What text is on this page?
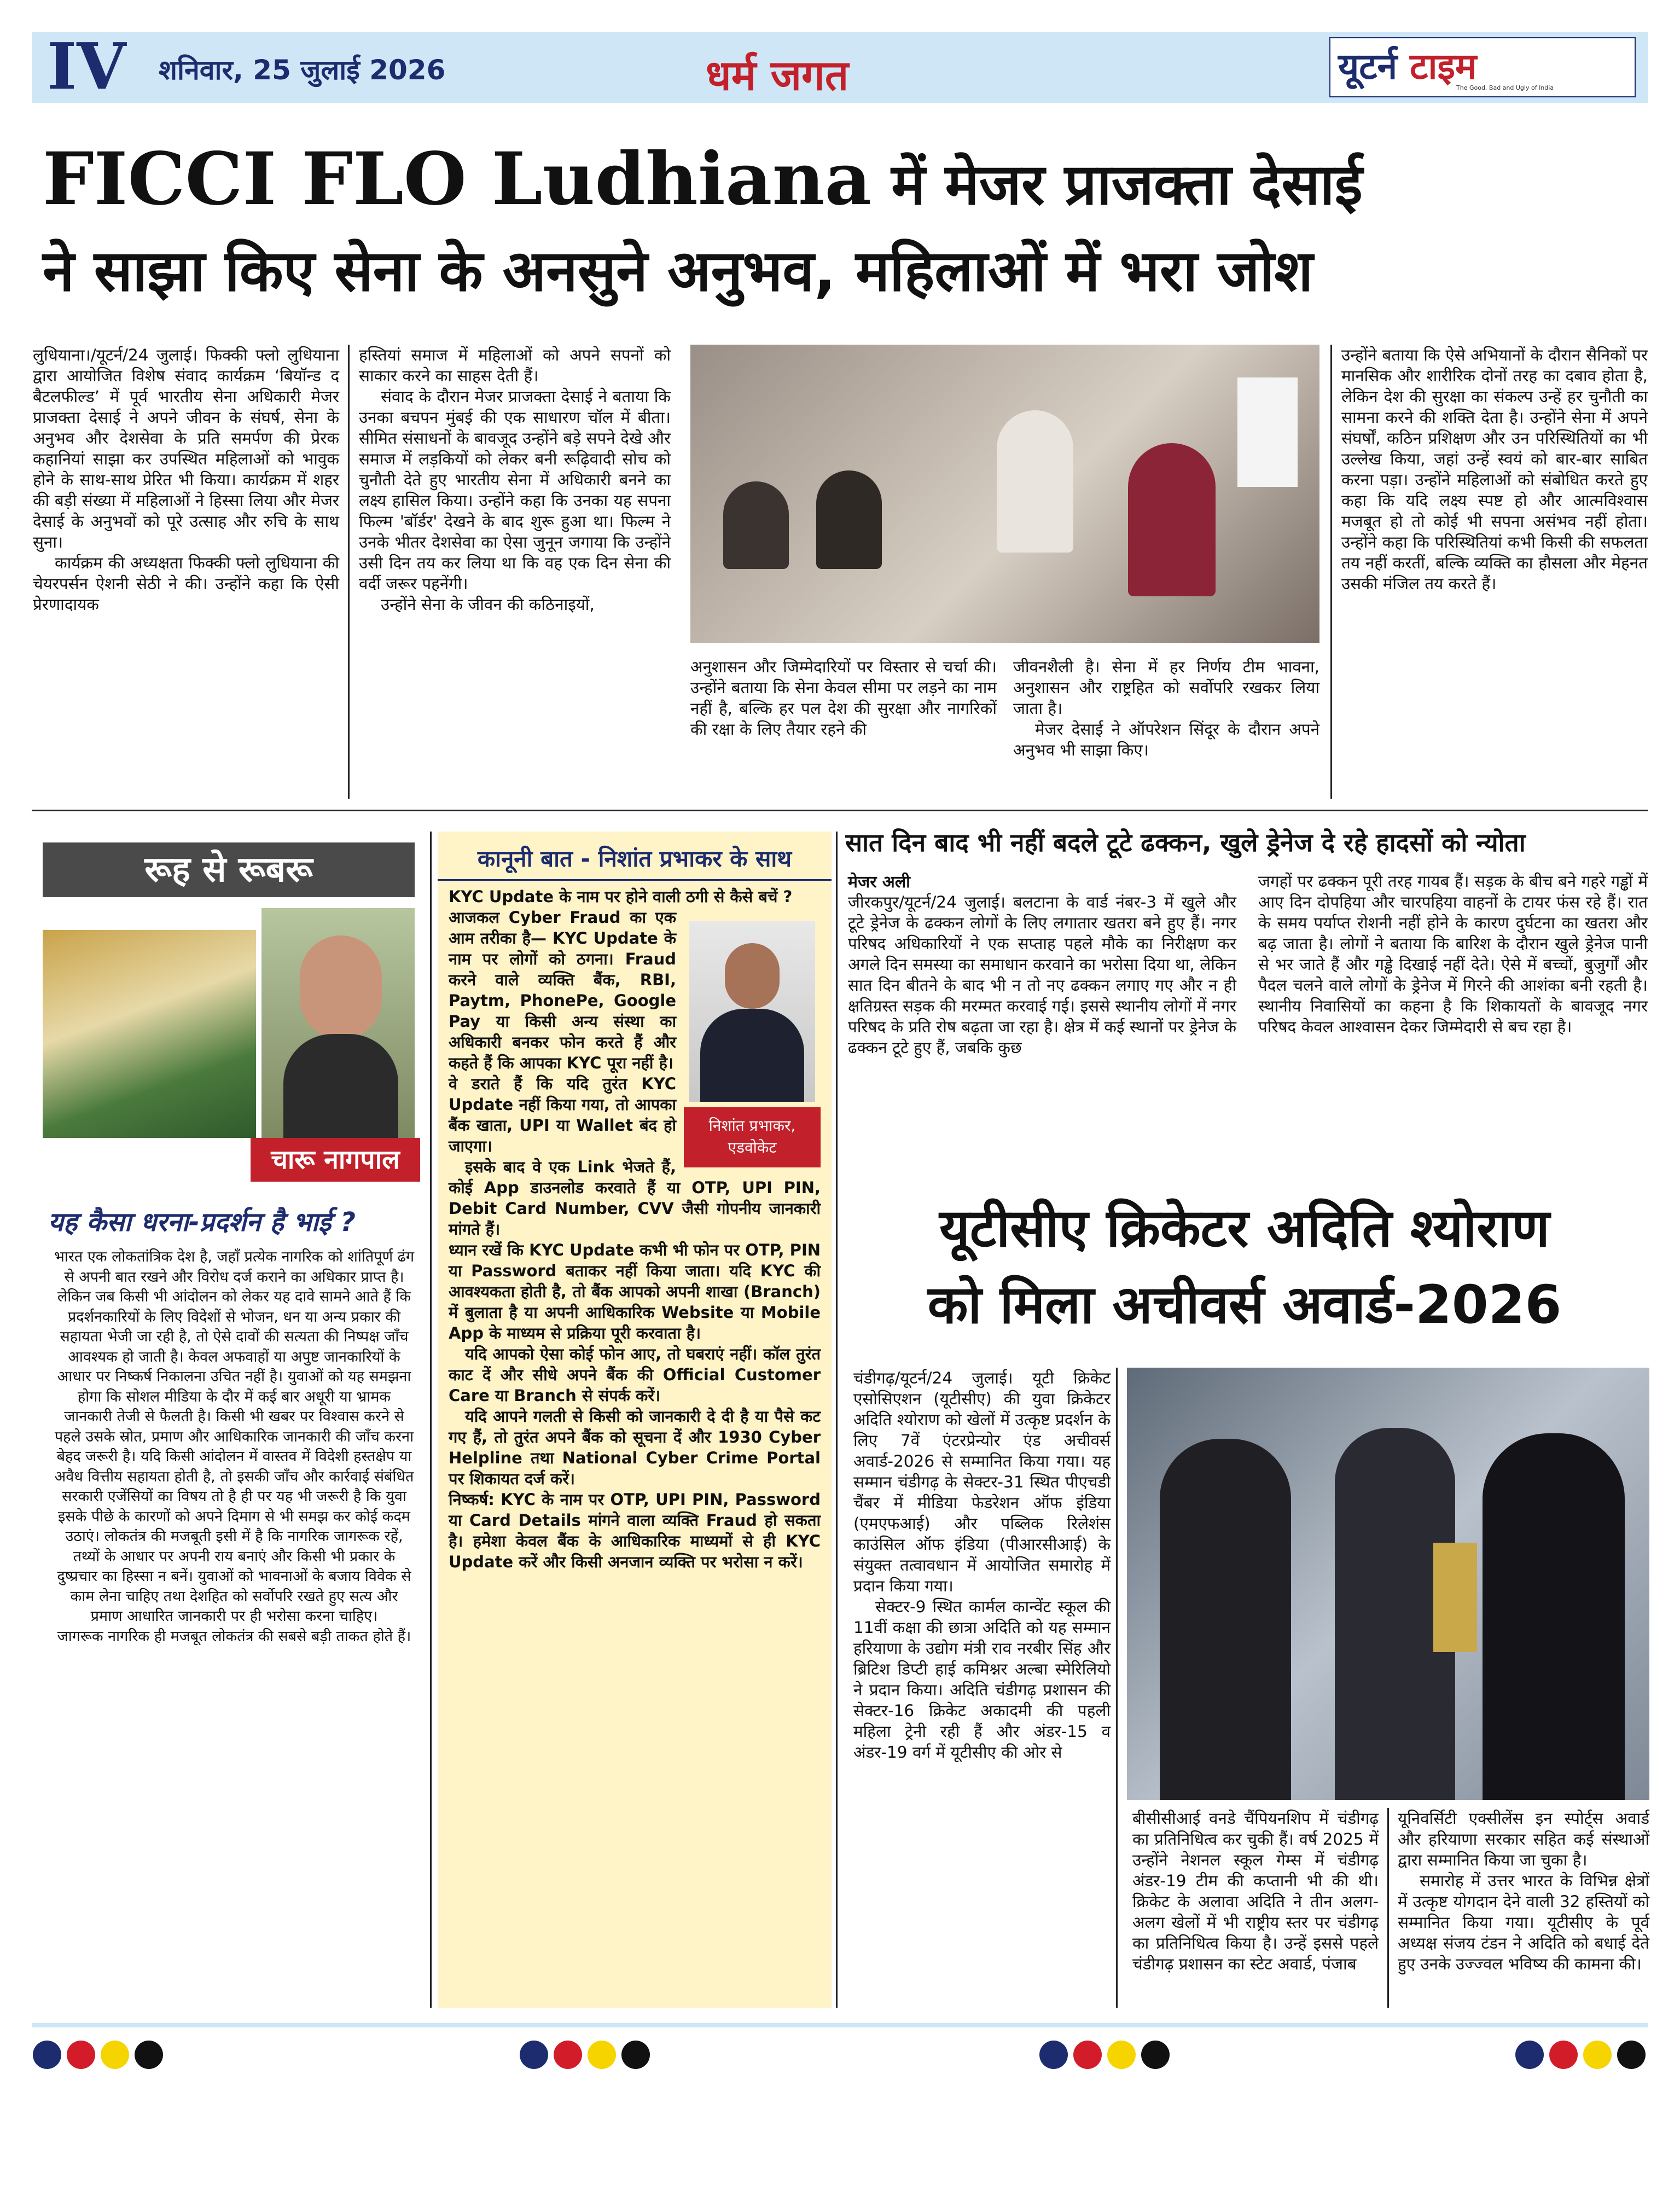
IV शनिवार, 25 जुलाई 2026	धर्म जगत	यूटर्न टाइम
The Good, Bad and Ugly of India
FICCI FLO Ludhiana में मेजर प्राजक्ता देसाई
ने साझा किए सेना के अनसुने अनुभव, महिलाओं में भरा जोश

लुधियाना।/यूटर्न/24 जुलाई। फिक्की फ्लो लुधियाना द्वारा आयोजित विशेष संवाद कार्यक्रम ‘बियॉन्ड द बैटलफील्ड’ में पूर्व भारतीय सेना अधिकारी मेजर प्राजक्ता देसाई ने अपने जीवन के संघर्ष, सेना के अनुभव और देशसेवा के प्रति समर्पण की प्रेरक कहानियां साझा कर उपस्थित महिलाओं को भावुक होने के साथ-साथ प्रेरित भी किया। कार्यक्रम में शहर की बड़ी संख्या में महिलाओं ने हिस्सा लिया और मेजर देसाई के अनुभवों को पूरे उत्साह और रुचि के साथ सुना।

कार्यक्रम की अध्यक्षता फिक्की फ्लो लुधियाना की चेयरपर्सन ऐशनी सेठी ने की। उन्होंने कहा कि ऐसी प्रेरणादायक

हस्तियां समाज में महिलाओं को अपने सपनों को साकार करने का साहस देती हैं।

संवाद के दौरान मेजर प्राजक्ता देसाई ने बताया कि उनका बचपन मुंबई की एक साधारण चॉल में बीता। सीमित संसाधनों के बावजूद उन्होंने बड़े सपने देखे और समाज में लड़कियों को लेकर बनी रूढ़िवादी सोच को चुनौती देते हुए भारतीय सेना में अधिकारी बनने का लक्ष्य हासिल किया। उन्होंने कहा कि उनका यह सपना फिल्म 'बॉर्डर' देखने के बाद शुरू हुआ था। फिल्म ने उनके भीतर देशसेवा का ऐसा जुनून जगाया कि उन्होंने उसी दिन तय कर लिया था कि वह एक दिन सेना की वर्दी जरूर पहनेंगी।

उन्होंने सेना के जीवन की कठिनाइयों,

अनुशासन और जिम्मेदारियों पर विस्तार से चर्चा की। उन्होंने बताया कि सेना केवल सीमा पर लड़ने का नाम नहीं है, बल्कि हर पल देश की सुरक्षा और नागरिकों की रक्षा के लिए तैयार रहने की

जीवनशैली है। सेना में हर निर्णय टीम भावना, अनुशासन और राष्ट्रहित को सर्वोपरि रखकर लिया जाता है।

मेजर देसाई ने ऑपरेशन सिंदूर के दौरान अपने अनुभव भी साझा किए।

उन्होंने बताया कि ऐसे अभियानों के दौरान सैनिकों पर मानसिक और शारीरिक दोनों तरह का दबाव होता है, लेकिन देश की सुरक्षा का संकल्प उन्हें हर चुनौती का सामना करने की शक्ति देता है। उन्होंने सेना में अपने संघर्षों, कठिन प्रशिक्षण और उन परिस्थितियों का भी उल्लेख किया, जहां उन्हें स्वयं को बार-बार साबित करना पड़ा। उन्होंने महिलाओं को संबोधित करते हुए कहा कि यदि लक्ष्य स्पष्ट हो और आत्मविश्वास मजबूत हो तो कोई भी सपना असंभव नहीं होता। उन्होंने कहा कि परिस्थितियां कभी किसी की सफलता तय नहीं करतीं, बल्कि व्यक्ति का हौसला और मेहनत उसकी मंजिल तय करते हैं।

रूह से रूबरू
चारू नागपाल
यह कैसा धरना-प्रदर्शन है भाई ?

भारत एक लोकतांत्रिक देश है, जहाँ प्रत्येक नागरिक को शांतिपूर्ण ढंग से अपनी बात रखने और विरोध दर्ज कराने का अधिकार प्राप्त है। लेकिन जब किसी भी आंदोलन को लेकर यह दावे सामने आते हैं कि प्रदर्शनकारियों के लिए विदेशों से भोजन, धन या अन्य प्रकार की सहायता भेजी जा रही है, तो ऐसे दावों की सत्यता की निष्पक्ष जाँच आवश्यक हो जाती है। केवल अफवाहों या अपुष्ट जानकारियों के आधार पर निष्कर्ष निकालना उचित नहीं है। युवाओं को यह समझना होगा कि सोशल मीडिया के दौर में कई बार अधूरी या भ्रामक जानकारी तेजी से फैलती है। किसी भी खबर पर विश्वास करने से पहले उसके स्रोत, प्रमाण और आधिकारिक जानकारी की जाँच करना बेहद जरूरी है। यदि किसी आंदोलन में वास्तव में विदेशी हस्तक्षेप या अवैध वित्तीय सहायता होती है, तो इसकी जाँच और कार्रवाई संबंधित सरकारी एजेंसियों का विषय तो है ही पर यह भी जरूरी है कि युवा इसके पीछे के कारणों को अपने दिमाग से भी समझ कर कोई कदम उठाएं। लोकतंत्र की मजबूती इसी में है कि नागरिक जागरूक रहें, तथ्यों के आधार पर अपनी राय बनाएं और किसी भी प्रकार के दुष्प्रचार का हिस्सा न बनें। युवाओं को भावनाओं के बजाय विवेक से काम लेना चाहिए तथा देशहित को सर्वोपरि रखते हुए सत्य और प्रमाण आधारित जानकारी पर ही भरोसा करना चाहिए।

जागरूक नागरिक ही मजबूत लोकतंत्र की सबसे बड़ी ताकत होते हैं।

कानूनी बात - निशांत प्रभाकर के साथ

KYC Update के नाम पर होने वाली ठगी से कैसे बचें ?

निशांत प्रभाकर,
एडवोकेट

आजकल Cyber Fraud का एक आम तरीका है— KYC Update के नाम पर लोगों को ठगना। Fraud करने वाले व्यक्ति बैंक, RBI, Paytm, PhonePe, Google Pay या किसी अन्य संस्था का अधिकारी बनकर फोन करते हैं और कहते हैं कि आपका KYC पूरा नहीं है।

वे डराते हैं कि यदि तुरंत KYC Update नहीं किया गया, तो आपका बैंक खाता, UPI या Wallet बंद हो जाएगा।

इसके बाद वे एक Link भेजते हैं, कोई App डाउनलोड करवाते हैं या OTP, UPI PIN, Debit Card Number, CVV जैसी गोपनीय जानकारी मांगते हैं।

ध्यान रखें कि KYC Update कभी भी फोन पर OTP, PIN या Password बताकर नहीं किया जाता। यदि KYC की आवश्यकता होती है, तो बैंक आपको अपनी शाखा (Branch) में बुलाता है या अपनी आधिकारिक Website या Mobile App के माध्यम से प्रक्रिया पूरी करवाता है।

यदि आपको ऐसा कोई फोन आए, तो घबराएं नहीं। कॉल तुरंत काट दें और सीधे अपने बैंक की Official Customer Care या Branch से संपर्क करें।

यदि आपने गलती से किसी को जानकारी दे दी है या पैसे कट गए हैं, तो तुरंत अपने बैंक को सूचना दें और 1930 Cyber Helpline तथा National Cyber Crime Portal पर शिकायत दर्ज करें।

निष्कर्ष: KYC के नाम पर OTP, UPI PIN, Password या Card Details मांगने वाला व्यक्ति Fraud हो सकता है। हमेशा केवल बैंक के आधिकारिक माध्यमों से ही KYC Update करें और किसी अनजान व्यक्ति पर भरोसा न करें।

सात दिन बाद भी नहीं बदले टूटे ढक्कन, खुले ड्रेनेज दे रहे हादसों को न्योता
मेजर अली

जीरकपुर/यूटर्न/24 जुलाई। बलटाना के वार्ड नंबर-3 में खुले और टूटे ड्रेनेज के ढक्कन लोगों के लिए लगातार खतरा बने हुए हैं। नगर परिषद अधिकारियों ने एक सप्ताह पहले मौके का निरीक्षण कर अगले दिन समस्या का समाधान करवाने का भरोसा दिया था, लेकिन सात दिन बीतने के बाद भी न तो नए ढक्कन लगाए गए और न ही क्षतिग्रस्त सड़क की मरम्मत करवाई गई। इससे स्थानीय लोगों में नगर परिषद के प्रति रोष बढ़ता जा रहा है। क्षेत्र में कई स्थानों पर ड्रेनेज के ढक्कन टूटे हुए हैं, जबकि कुछ

जगहों पर ढक्कन पूरी तरह गायब हैं। सड़क के बीच बने गहरे गड्ढों में आए दिन दोपहिया और चारपहिया वाहनों के टायर फंस रहे हैं। रात के समय पर्याप्त रोशनी नहीं होने के कारण दुर्घटना का खतरा और बढ़ जाता है। लोगों ने बताया कि बारिश के दौरान खुले ड्रेनेज पानी से भर जाते हैं और गड्ढे दिखाई नहीं देते। ऐसे में बच्चों, बुजुर्गों और पैदल चलने वाले लोगों के ड्रेनेज में गिरने की आशंका बनी रहती है। स्थानीय निवासियों का कहना है कि शिकायतों के बावजूद नगर परिषद केवल आश्वासन देकर जिम्मेदारी से बच रहा है।

यूटीसीए क्रिकेटर अदिति श्योराण
को मिला अचीवर्स अवार्ड-2026

चंडीगढ़/यूटर्न/24 जुलाई। यूटी क्रिकेट एसोसिएशन (यूटीसीए) की युवा क्रिकेटर अदिति श्योराण को खेलों में उत्कृष्ट प्रदर्शन के लिए 7वें एंटरप्रेन्योर एंड अचीवर्स अवार्ड-2026 से सम्मानित किया गया। यह सम्मान चंडीगढ़ के सेक्टर-31 स्थित पीएचडी चैंबर में मीडिया फेडरेशन ऑफ इंडिया (एमएफआई) और पब्लिक रिलेशंस काउंसिल ऑफ इंडिया (पीआरसीआई) के संयुक्त तत्वावधान में आयोजित समारोह में प्रदान किया गया।

सेक्टर-9 स्थित कार्मल कान्वेंट स्कूल की 11वीं कक्षा की छात्रा अदिति को यह सम्मान हरियाणा के उद्योग मंत्री राव नरबीर सिंह और ब्रिटिश डिप्टी हाई कमिश्नर अल्बा स्मेरिलियो ने प्रदान किया। अदिति चंडीगढ़ प्रशासन की सेक्टर-16 क्रिकेट अकादमी की पहली महिला ट्रेनी रही हैं और अंडर-15 व अंडर-19 वर्ग में यूटीसीए की ओर से

बीसीसीआई वनडे चैंपियनशिप में चंडीगढ़ का प्रतिनिधित्व कर चुकी हैं। वर्ष 2025 में उन्होंने नेशनल स्कूल गेम्स में चंडीगढ़ अंडर-19 टीम की कप्तानी भी की थी। क्रिकेट के अलावा अदिति ने तीन अलग-अलग खेलों में भी राष्ट्रीय स्तर पर चंडीगढ़ का प्रतिनिधित्व किया है। उन्हें इससे पहले चंडीगढ़ प्रशासन का स्टेट अवार्ड, पंजाब

यूनिवर्सिटी एक्सीलेंस इन स्पोर्ट्स अवार्ड और हरियाणा सरकार सहित कई संस्थाओं द्वारा सम्मानित किया जा चुका है।

समारोह में उत्तर भारत के विभिन्न क्षेत्रों में उत्कृष्ट योगदान देने वाली 32 हस्तियों को सम्मानित किया गया। यूटीसीए के पूर्व अध्यक्ष संजय टंडन ने अदिति को बधाई देते हुए उनके उज्ज्वल भविष्य की कामना की।
